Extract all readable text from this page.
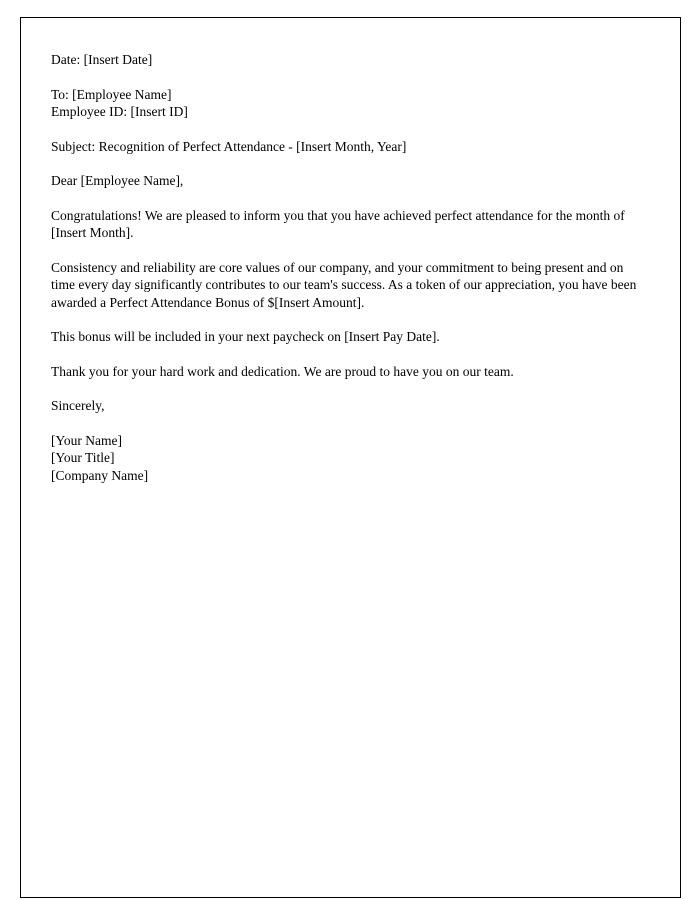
Date: [Insert Date]

To: [Employee Name]

Employee ID: [Insert ID]

Subject: Recognition of Perfect Attendance - [Insert Month, Year]

Dear [Employee Name],

Congratulations! We are pleased to inform you that you have achieved perfect attendance for the month of [Insert Month].

Consistency and reliability are core values of our company, and your commitment to being present and on time every day significantly contributes to our team's success. As a token of our appreciation, you have been awarded a Perfect Attendance Bonus of $[Insert Amount].

This bonus will be included in your next paycheck on [Insert Pay Date].

Thank you for your hard work and dedication. We are proud to have you on our team.

Sincerely,

[Your Name]

[Your Title]

[Company Name]
